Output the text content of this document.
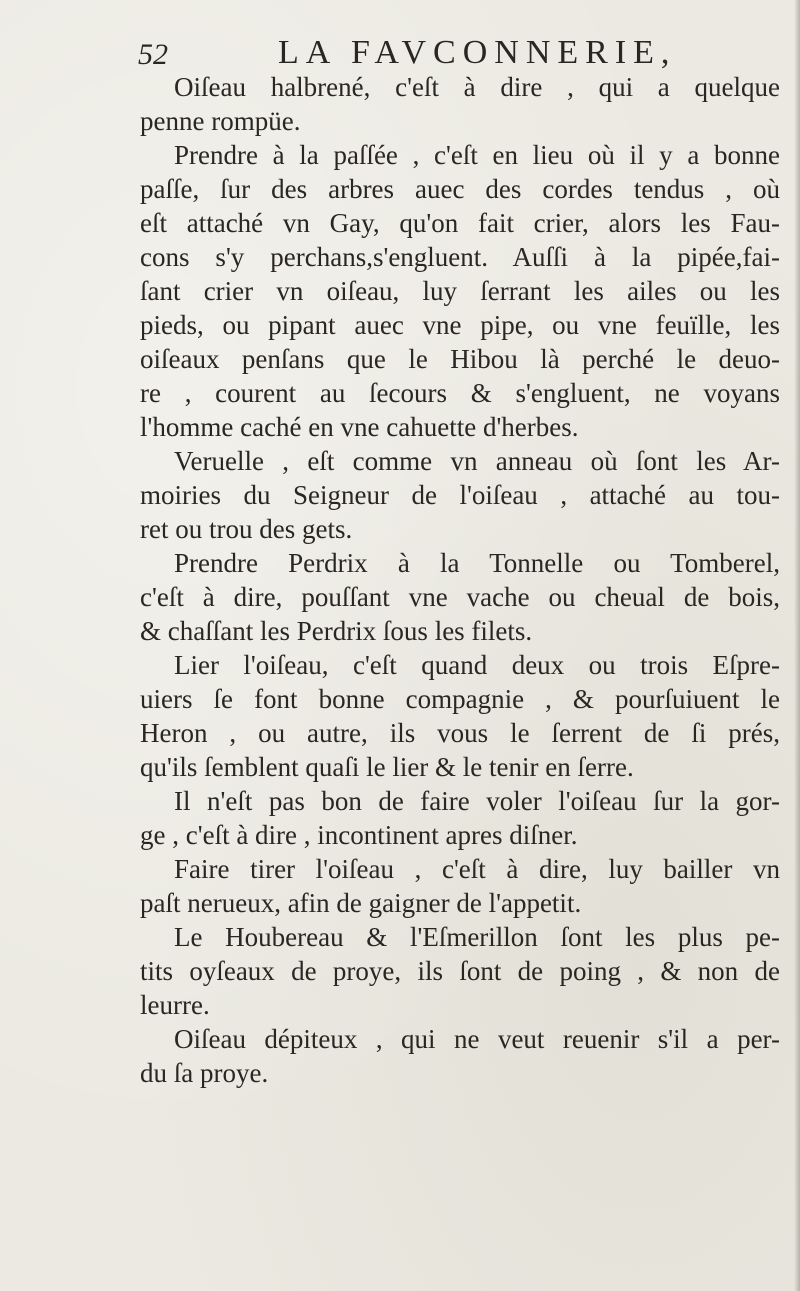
52	LA FAVCONNERIE,
Oiſeau halbrené, c'eſt à dire , qui a quelque
penne rompüe.
Prendre à la paſſée , c'eſt en lieu où il y a bonne
paſſe, ſur des arbres auec des cordes tendus , où
eſt attaché vn Gay, qu'on fait crier, alors les Fau-
cons s'y perchans,s'engluent. Auſſi à la pipée,fai-
ſant crier vn oiſeau, luy ſerrant les ailes ou les
pieds, ou pipant auec vne pipe, ou vne feuïlle, les
oiſeaux penſans que le Hibou là perché le deuo-
re , courent au ſecours & s'engluent, ne voyans
l'homme caché en vne cahuette d'herbes.
Veruelle , eſt comme vn anneau où ſont les Ar-
moiries du Seigneur de l'oiſeau , attaché au tou-
ret ou trou des gets.
Prendre Perdrix à la Tonnelle ou Tomberel,
c'eſt à dire, pouſſant vne vache ou cheual de bois,
& chaſſant les Perdrix ſous les filets.
Lier l'oiſeau, c'eſt quand deux ou trois Eſpre-
uiers ſe font bonne compagnie , & pourſuiuent le
Heron , ou autre, ils vous le ſerrent de ſi prés,
qu'ils ſemblent quaſi le lier & le tenir en ſerre.
Il n'eſt pas bon de faire voler l'oiſeau ſur la gor-
ge , c'eſt à dire , incontinent apres diſner.
Faire tirer l'oiſeau , c'eſt à dire, luy bailler vn
paſt nerueux, afin de gaigner de l'appetit.
Le Houbereau & l'Eſmerillon ſont les plus pe-
tits oyſeaux de proye, ils ſont de poing , & non de
leurre.
Oiſeau dépiteux , qui ne veut reuenir s'il a per-
du ſa proye.
